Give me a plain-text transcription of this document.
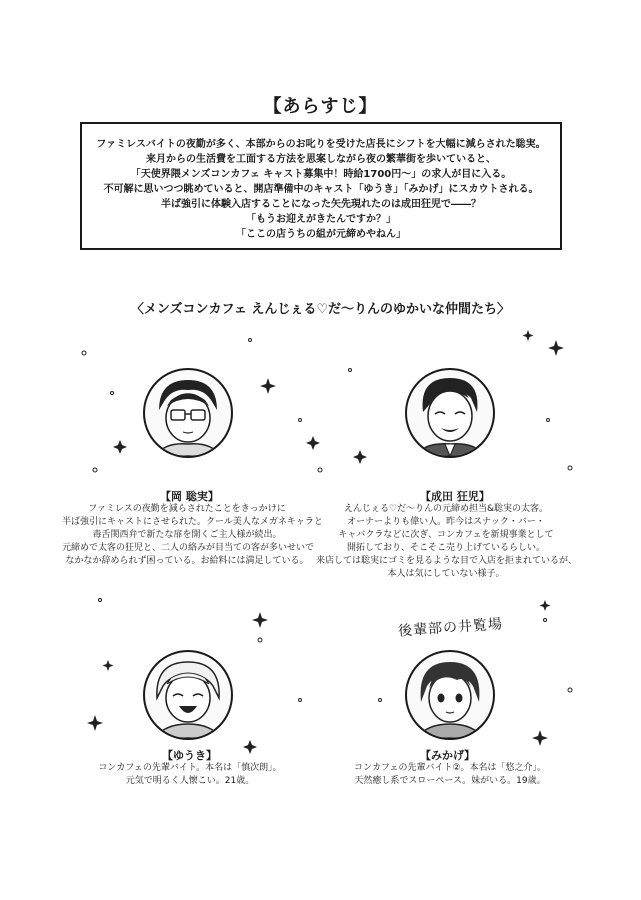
【あらすじ】
ファミレスバイトの夜勤が多く、本部からのお叱りを受けた店長にシフトを大幅に減らされた聡実。
来月からの生活費を工面する方法を思案しながら夜の繁華街を歩いていると、
「天使界隈メンズコンカフェ キャスト募集中！時給1700円〜」の求人が目に入る。
不可解に思いつつ眺めていると、開店準備中のキャスト「ゆうき」「みかげ」にスカウトされる。
半ば強引に体験入店することになった矢先現れたのは成田狂児で――？
「もうお迎えがきたんですか？」
「ここの店うちの組が元締めやねん」
〈メンズコンカフェ えんじぇる♡だ〜りんのゆかいな仲間たち〉
後輩部の井覧場
【岡 聡実】
ファミレスの夜勤を減らされたことをきっかけに
半ば強引にキャストにさせられた。クール美人なメガネキャラと
毒舌関西弁で新たな扉を開くご主人様が続出。
元締めで太客の狂児と、二人の絡みが目当ての客が多いせいで
なかなか辞められず困っている。お給料には満足している。
【成田 狂児】
えんじぇる♡だ〜りんの元締め担当&聡実の太客。
オーナーよりも偉い人。昨今はスナック・バー・
キャバクラなどに次ぎ、コンカフェを新規事業として
開拓しており、そこそこ売り上げているらしい。
来店しては聡実にゴミを見るような目で入店を拒まれているが、
本人は気にしていない様子。
【ゆうき】
コンカフェの先輩バイト。本名は「慎次朗」。
元気で明るく人懐こい。21歳。
【みかげ】
コンカフェの先輩バイト②。本名は「悠之介」。
天然癒し系でスローペース。妹がいる。19歳。
